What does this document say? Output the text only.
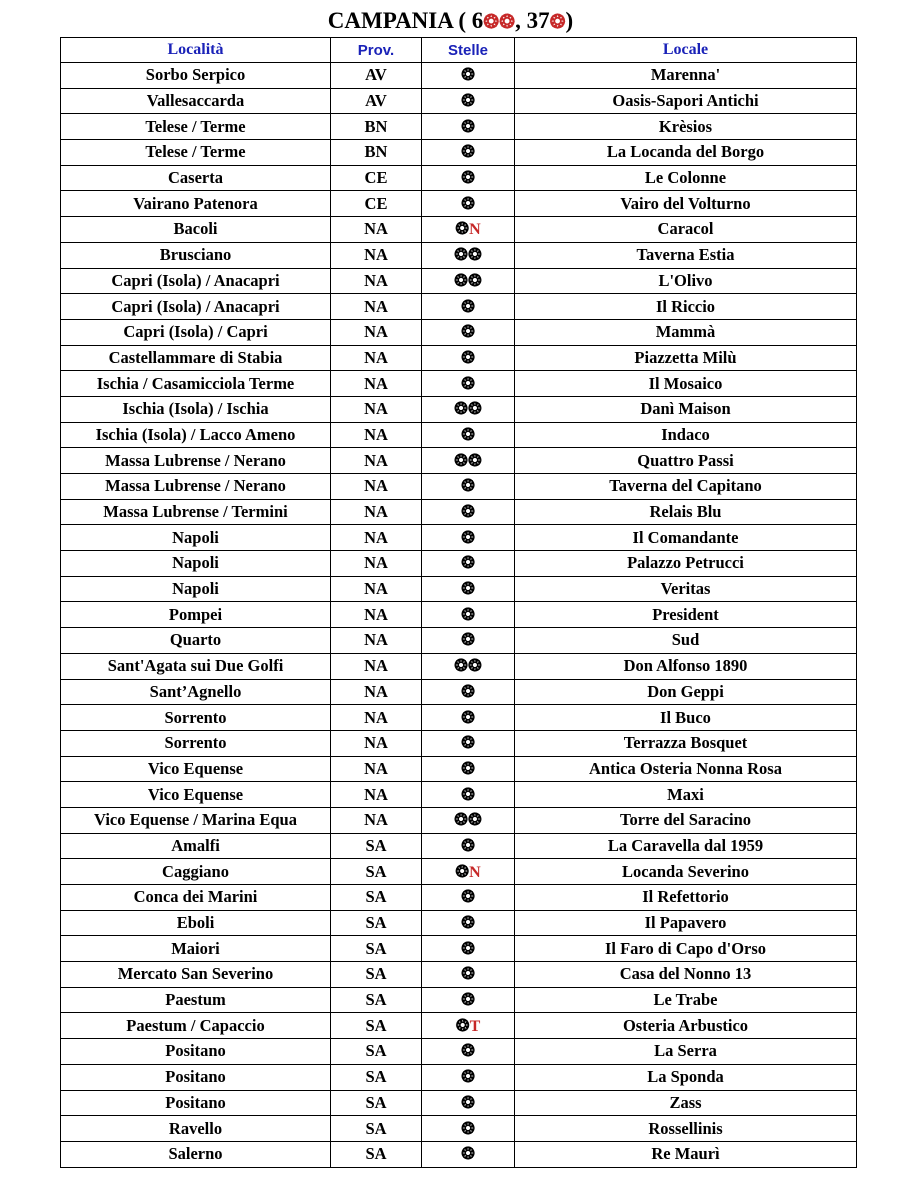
CAMPANIA ( 6❂❂, 37❂)
Località	Prov.	Stelle	Locale
Sorbo Serpico	AV	❂	Marenna'
Vallesaccarda	AV	❂	Oasis-Sapori Antichi
Telese / Terme	BN	❂	Krèsios
Telese / Terme	BN	❂	La Locanda del Borgo
Caserta	CE	❂	Le Colonne
Vairano Patenora	CE	❂	Vairo del Volturno
Bacoli	NA	❂N	Caracol
Brusciano	NA	❂❂	Taverna Estia
Capri (Isola) / Anacapri	NA	❂❂	L'Olivo
Capri (Isola) / Anacapri	NA	❂	Il Riccio
Capri (Isola) / Capri	NA	❂	Mammà
Castellammare di Stabia	NA	❂	Piazzetta Milù
Ischia / Casamicciola Terme	NA	❂	Il Mosaico
Ischia (Isola) / Ischia	NA	❂❂	Danì Maison
Ischia (Isola) / Lacco Ameno	NA	❂	Indaco
Massa Lubrense / Nerano	NA	❂❂	Quattro Passi
Massa Lubrense / Nerano	NA	❂	Taverna del Capitano
Massa Lubrense / Termini	NA	❂	Relais Blu
Napoli	NA	❂	Il Comandante
Napoli	NA	❂	Palazzo Petrucci
Napoli	NA	❂	Veritas
Pompei	NA	❂	President
Quarto	NA	❂	Sud
Sant'Agata sui Due Golfi	NA	❂❂	Don Alfonso 1890
Sant’Agnello	NA	❂	Don Geppi
Sorrento	NA	❂	Il Buco
Sorrento	NA	❂	Terrazza Bosquet
Vico Equense	NA	❂	Antica Osteria Nonna Rosa
Vico Equense	NA	❂	Maxi
Vico Equense / Marina Equa	NA	❂❂	Torre del Saracino
Amalfi	SA	❂	La Caravella dal 1959
Caggiano	SA	❂N	Locanda Severino
Conca dei Marini	SA	❂	Il Refettorio
Eboli	SA	❂	Il Papavero
Maiori	SA	❂	Il Faro di Capo d'Orso
Mercato San Severino	SA	❂	Casa del Nonno 13
Paestum	SA	❂	Le Trabe
Paestum / Capaccio	SA	❂T	Osteria Arbustico
Positano	SA	❂	La Serra
Positano	SA	❂	La Sponda
Positano	SA	❂	Zass
Ravello	SA	❂	Rossellinis
Salerno	SA	❂	Re Maurì
